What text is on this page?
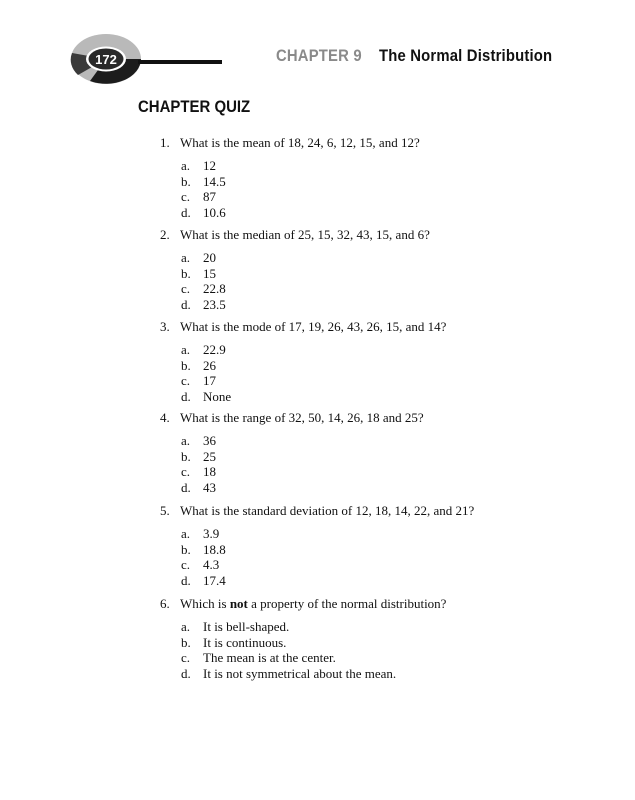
172	CHAPTER 9 The Normal Distribution
CHAPTER QUIZ
1. What is the mean of 18, 24, 6, 12, 15, and 12?
a. 12
b. 14.5
c. 87
d. 10.6
2. What is the median of 25, 15, 32, 43, 15, and 6?
a. 20
b. 15
c. 22.8
d. 23.5
3. What is the mode of 17, 19, 26, 43, 26, 15, and 14?
a. 22.9
b. 26
c. 17
d. None
4. What is the range of 32, 50, 14, 26, 18 and 25?
a. 36
b. 25
c. 18
d. 43
5. What is the standard deviation of 12, 18, 14, 22, and 21?
a. 3.9
b. 18.8
c. 4.3
d. 17.4
6. Which is not a property of the normal distribution?
a. It is bell-shaped.
b. It is continuous.
c. The mean is at the center.
d. It is not symmetrical about the mean.
